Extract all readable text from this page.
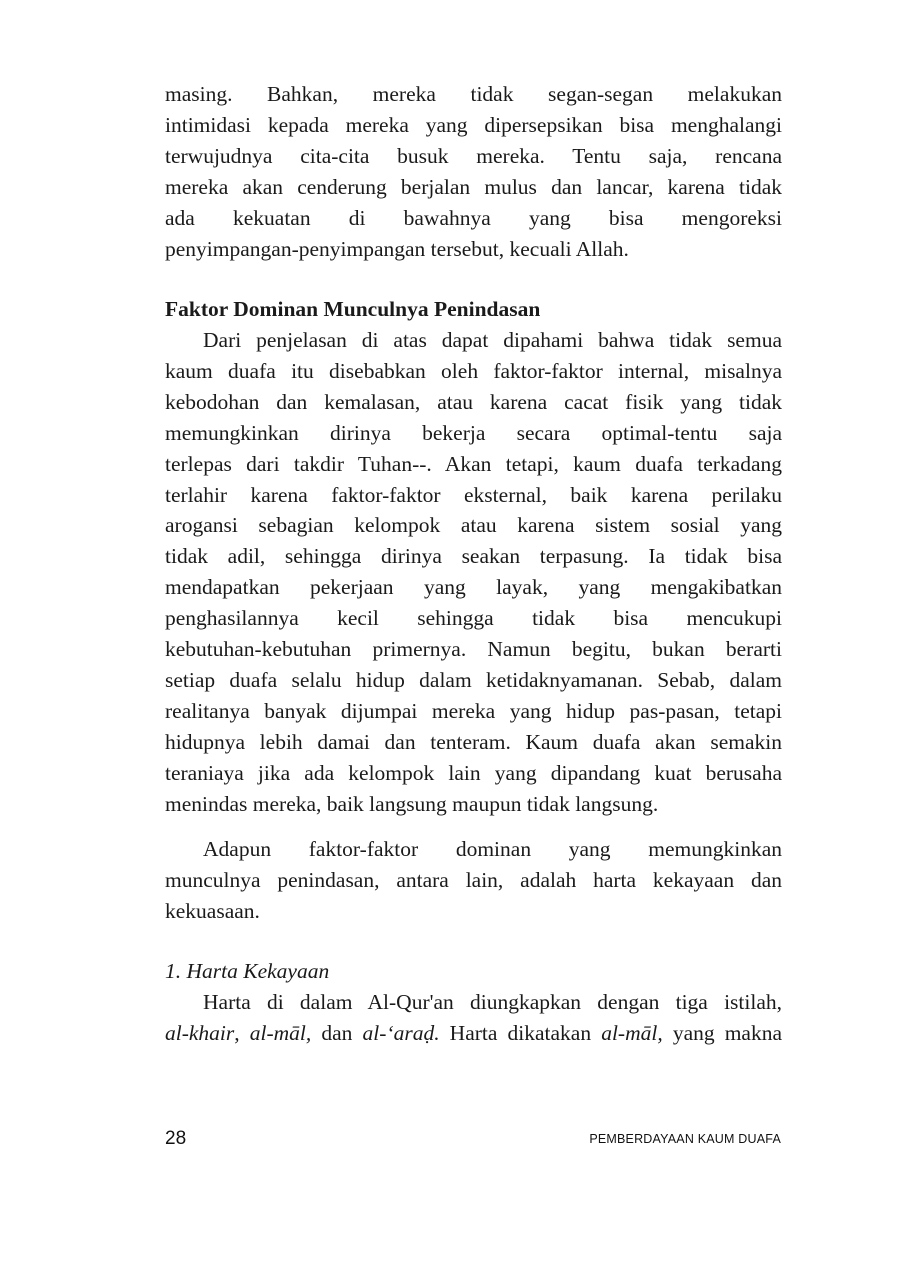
masing. Bahkan, mereka tidak segan-segan melakukan
intimidasi kepada mereka yang dipersepsikan bisa menghalangi
terwujudnya cita-cita busuk mereka. Tentu saja, rencana
mereka akan cenderung berjalan mulus dan lancar, karena tidak
ada kekuatan di bawahnya yang bisa mengoreksi
penyimpangan-penyimpangan tersebut, kecuali Allah.
Faktor Dominan Munculnya Penindasan
Dari penjelasan di atas dapat dipahami bahwa tidak semua
kaum duafa itu disebabkan oleh faktor-faktor internal, misalnya
kebodohan dan kemalasan, atau karena cacat fisik yang tidak
memungkinkan dirinya bekerja secara optimal-tentu saja
terlepas dari takdir Tuhan--. Akan tetapi, kaum duafa terkadang
terlahir karena faktor-faktor eksternal, baik karena perilaku
arogansi sebagian kelompok atau karena sistem sosial yang
tidak adil, sehingga dirinya seakan terpasung. Ia tidak bisa
mendapatkan pekerjaan yang layak, yang mengakibatkan
penghasilannya kecil sehingga tidak bisa mencukupi
kebutuhan-kebutuhan primernya. Namun begitu, bukan berarti
setiap duafa selalu hidup dalam ketidaknyamanan. Sebab, dalam
realitanya banyak dijumpai mereka yang hidup pas-pasan, tetapi
hidupnya lebih damai dan tenteram. Kaum duafa akan semakin
teraniaya jika ada kelompok lain yang dipandang kuat berusaha
menindas mereka, baik langsung maupun tidak langsung.
Adapun faktor-faktor dominan yang memungkinkan
munculnya penindasan, antara lain, adalah harta kekayaan dan
kekuasaan.
1. Harta Kekayaan
Harta di dalam Al-Qur'an diungkapkan dengan tiga istilah,
al-khair, al-māl, dan al-ʻaraḍ. Harta dikatakan al-māl, yang makna
28	PEMBERDAYAAN KAUM DUAFA
